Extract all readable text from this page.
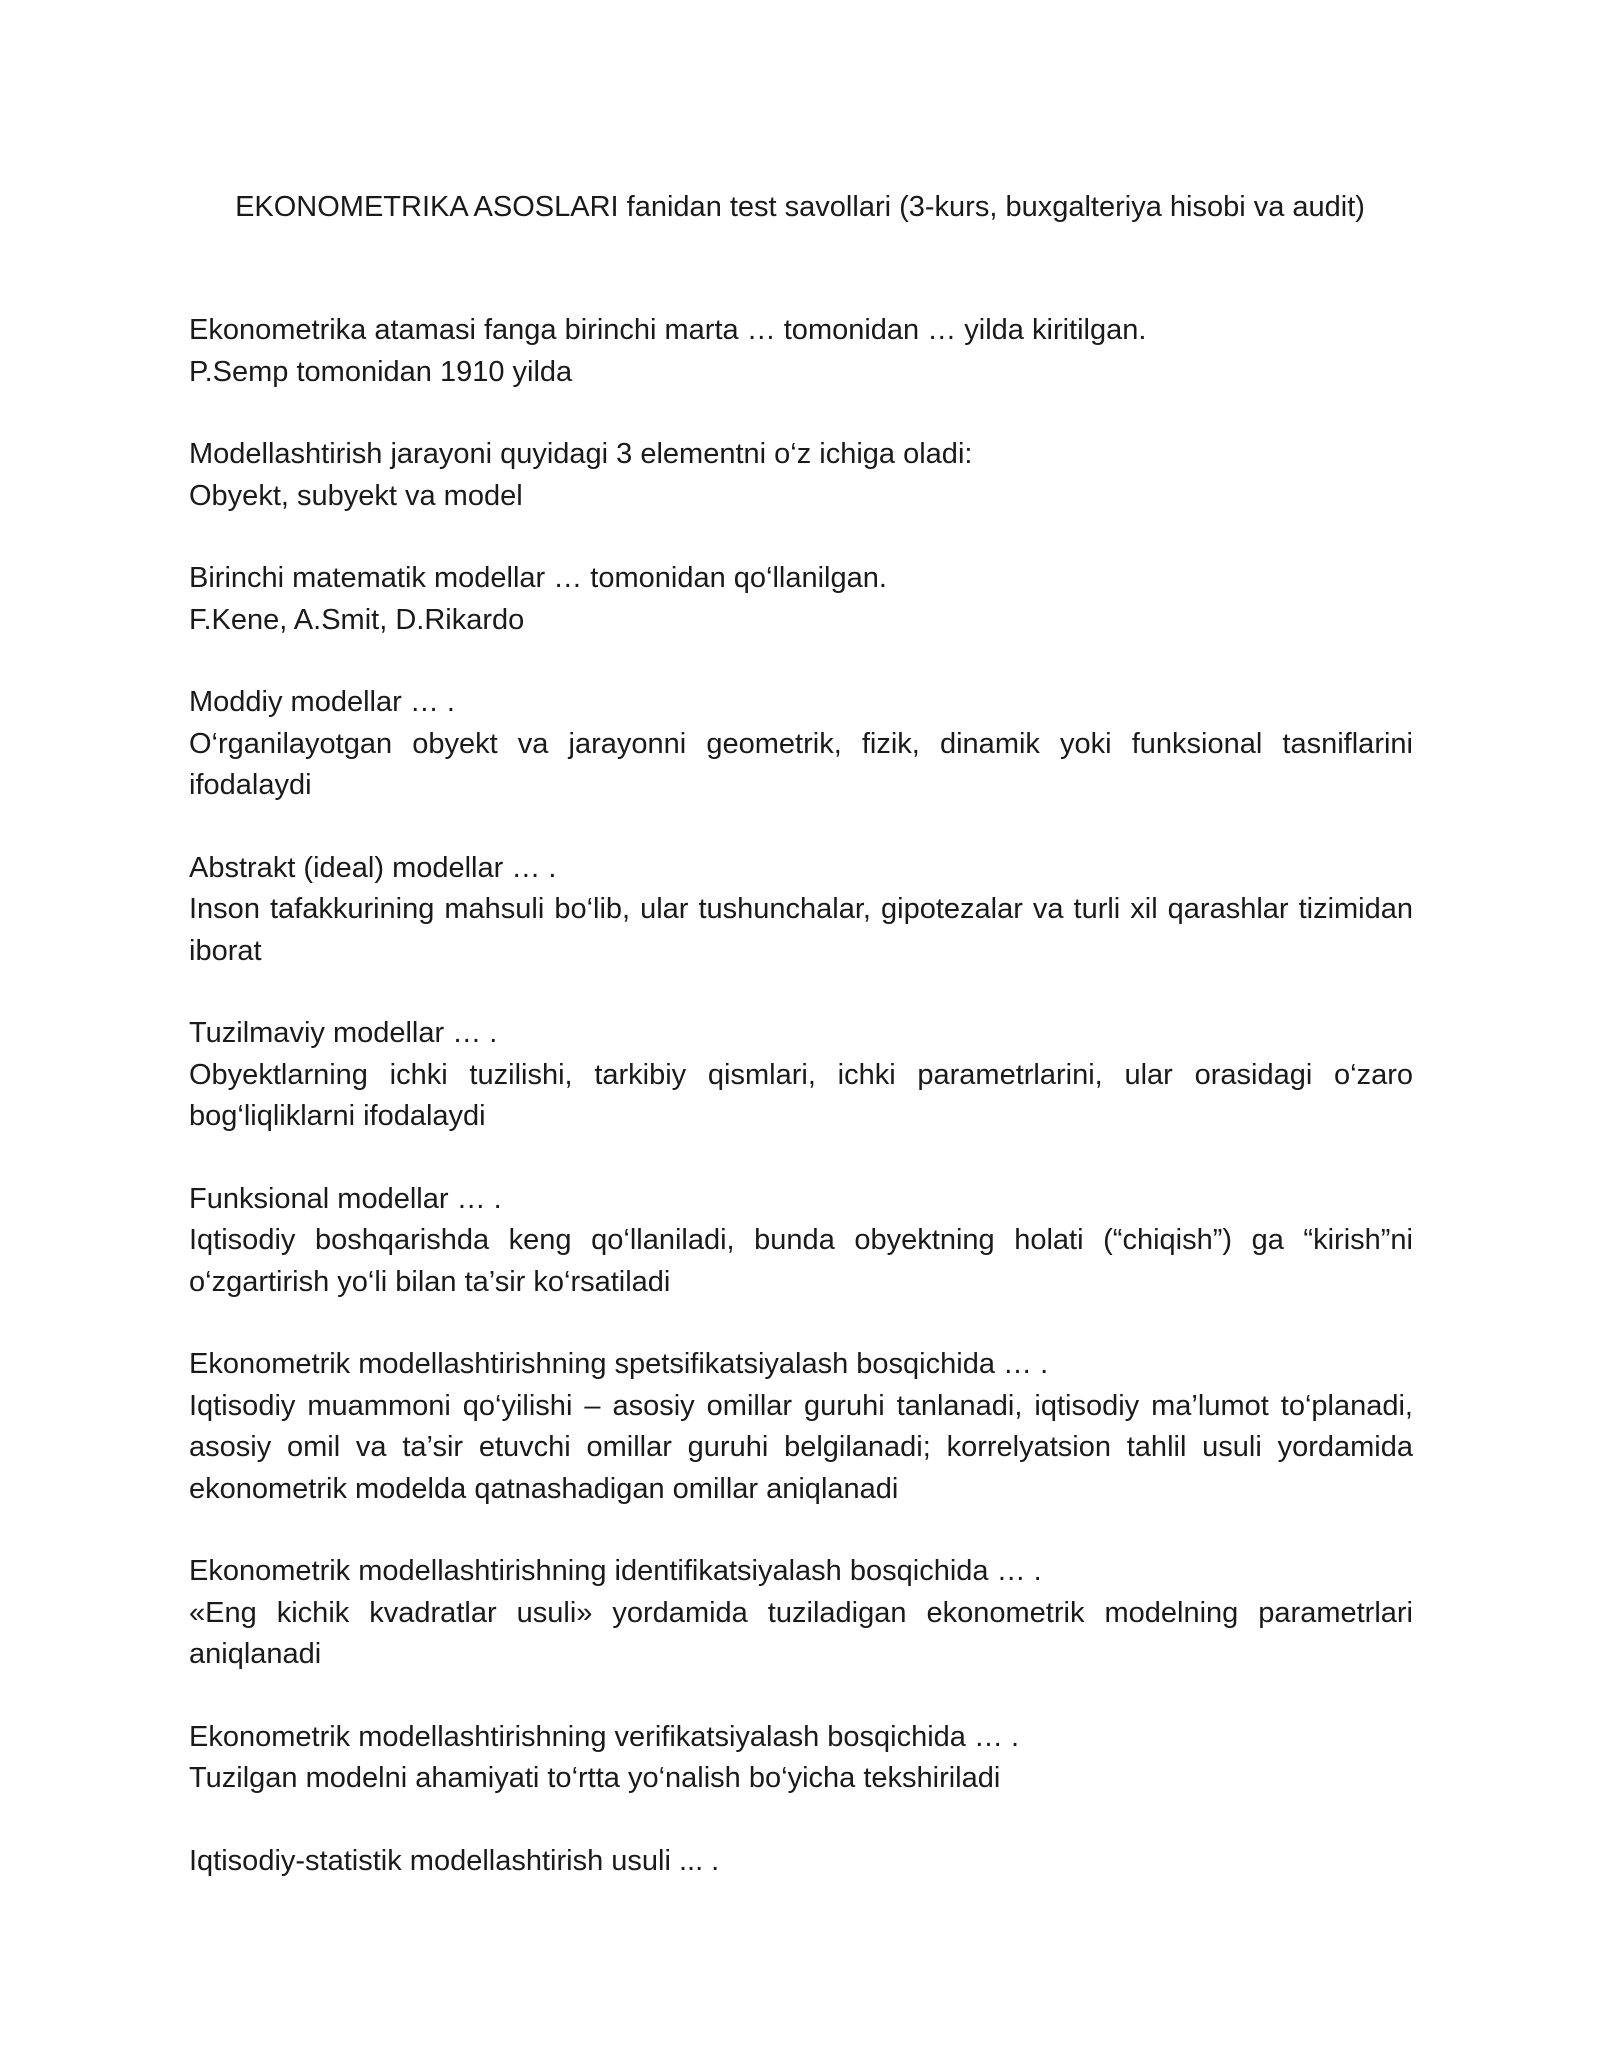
EKONOMETRIKA ASOSLARI fanidan test savollari (3-kurs, buxgalteriya hisobi va audit)
Ekonometrika atamasi fanga birinchi marta … tomonidan … yilda kiritilgan.
P.Semp tomonidan 1910 yilda
Modellashtirish jarayoni quyidagi 3 elementni o‘z ichiga oladi:
Obyekt, subyekt va model
Birinchi matematik modellar … tomonidan qo‘llanilgan.
F.Kene, A.Smit, D.Rikardo
Moddiy modellar … .
O‘rganilayotgan obyekt va jarayonni geometrik, fizik, dinamik yoki funksional tasniflarini ifodalaydi
Abstrakt (ideal) modellar … .
Inson tafakkurining mahsuli bo‘lib, ular tushunchalar, gipotezalar va turli xil qarashlar tizimidan iborat
Tuzilmaviy modellar … .
Obyektlarning ichki tuzilishi, tarkibiy qismlari, ichki parametrlarini, ular orasidagi o‘zaro bog‘liqliklarni ifodalaydi
Funksional modellar … .
Iqtisodiy boshqarishda keng qo‘llaniladi, bunda obyektning holati (“chiqish”) ga “kirish”ni o‘zgartirish yo‘li bilan ta’sir ko‘rsatiladi
Ekonometrik modellashtirishning spetsifikatsiyalash bosqichida … .
Iqtisodiy muammoni qo‘yilishi – asosiy omillar guruhi tanlanadi, iqtisodiy ma’lumot to‘planadi, asosiy omil va ta’sir etuvchi omillar guruhi belgilanadi; korrelyatsion tahlil usuli yordamida ekonometrik modelda qatnashadigan omillar aniqlanadi
Ekonometrik modellashtirishning identifikatsiyalash bosqichida … .
«Eng kichik kvadratlar usuli» yordamida tuziladigan ekonometrik modelning parametrlari aniqlanadi
Ekonometrik modellashtirishning verifikatsiyalash bosqichida … .
Tuzilgan modelni ahamiyati to‘rtta yo‘nalish bo‘yicha tekshiriladi
Iqtisodiy-statistik modellashtirish usuli ... .
